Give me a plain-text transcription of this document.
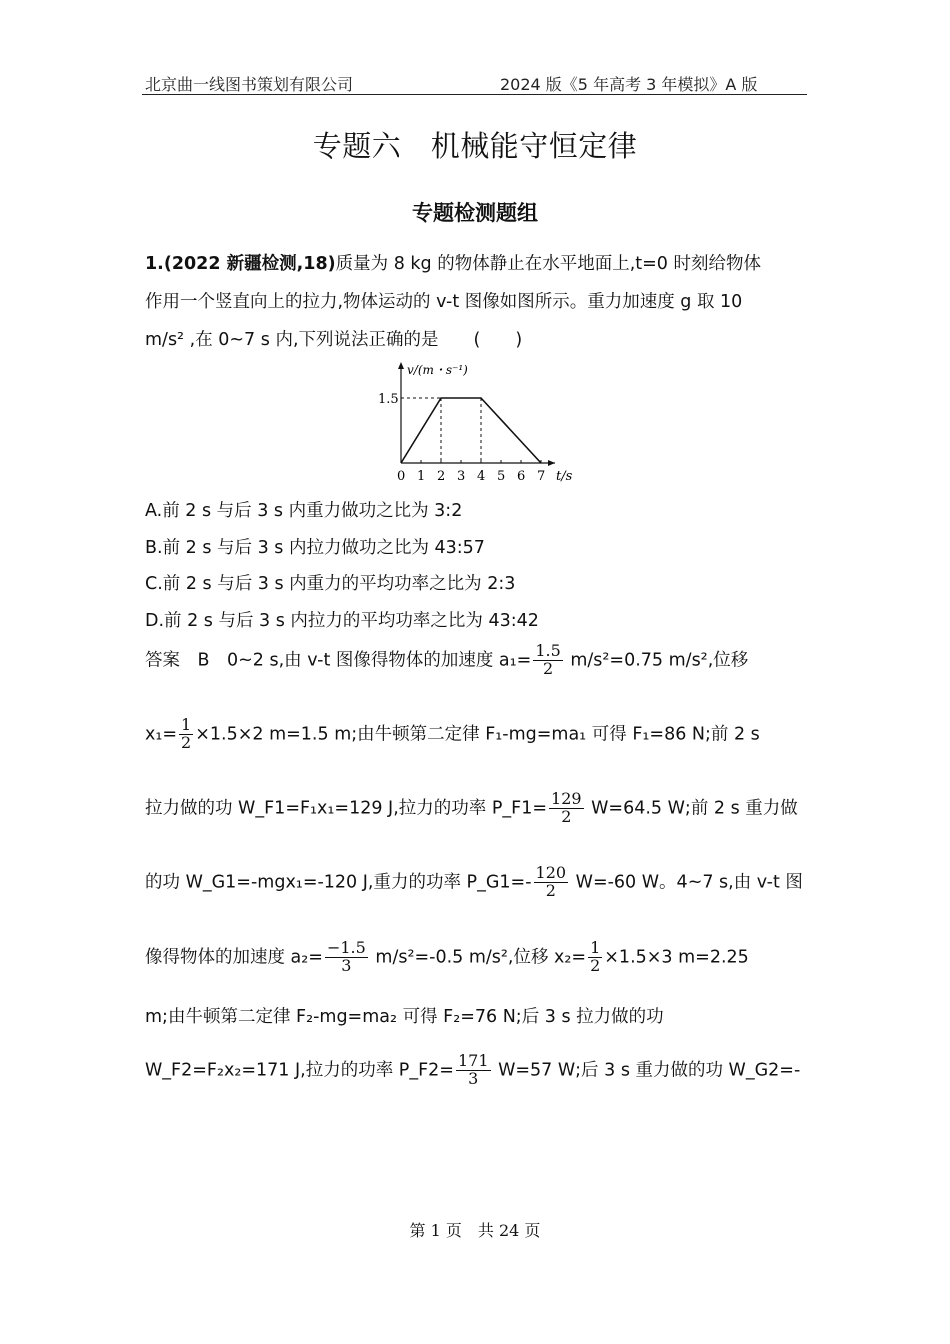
北京曲一线图书策划有限公司	2024 版《5 年高考 3 年模拟》A 版
专题六　机械能守恒定律
专题检测题组
1.(2022 新疆检测,18)质量为 8 kg 的物体静止在水平地面上,t=0 时刻给物体
作用一个竖直向上的拉力,物体运动的 v-t 图像如图所示。重力加速度 g 取 10
m/s² ,在 0~7 s 内,下列说法正确的是　　(　　)
v/(m・s⁻¹)
t/s
1.5
0 1 2 3 4 5 6 7
A.前 2 s 与后 3 s 内重力做功之比为 3:2
B.前 2 s 与后 3 s 内拉力做功之比为 43:57
C.前 2 s 与后 3 s 内重力的平均功率之比为 2:3
D.前 2 s 与后 3 s 内拉力的平均功率之比为 43:42
答案　B　0~2 s,由 v-t 图像得物体的加速度 $a_1= \frac{1.5}{2} m/s^2=0.75$ m/s²,位移
$x_1= \frac{1}{2} \times 1.5\times 2$ m=1.5 m;由牛顿第二定律 F₁-mg=ma₁ 可得 F₁=86 N;前 2 s
拉力做的功 W_F1=F₁x₁=129 J,拉力的功率 P_F1= $\frac{129}{2} W=64.5$ W;前 2 s 重力做
的功 W_G1=-mgx₁=-120 J,重力的功率 P_G1=- $\frac{120}{2} W=-60$ W。4~7 s,由 v-t 图
像得物体的加速度 $a_2= \frac{-1.5}{3} m/s^2=-0.5$ m/s²,位移 $x_2= \frac{1}{2} \times 1.5\times 3$ m=2.25
m;由牛顿第二定律 F₂-mg=ma₂ 可得 F₂=76 N;后 3 s 拉力做的功
W_F2=F₂x₂=171 J,拉力的功率 P_F2= $\frac{171}{3} W=57$ W;后 3 s 重力做的功 W_G2=-
第 1 页　共 24 页
